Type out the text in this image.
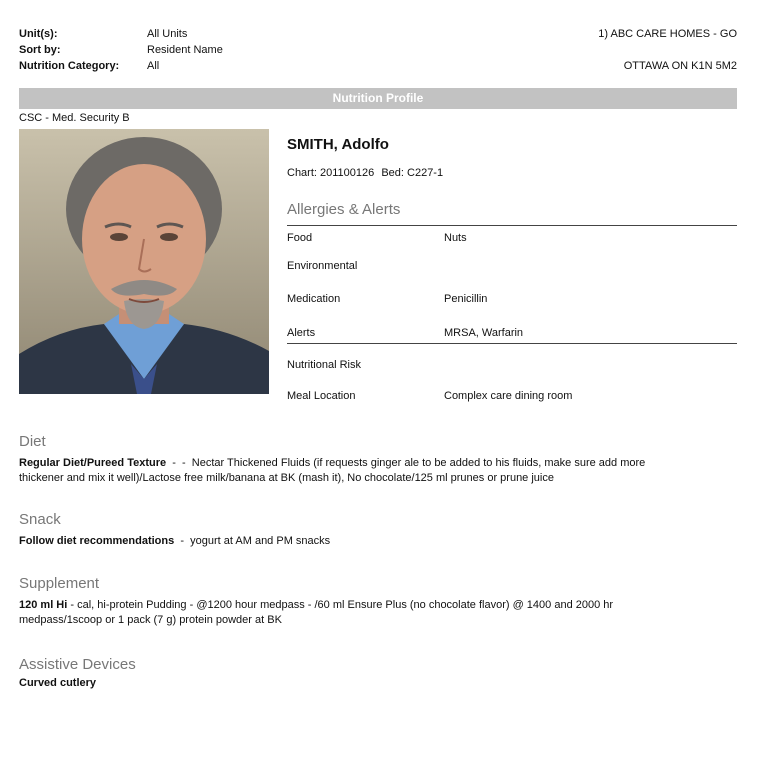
Unit(s):	All Units
Sort by:	Resident Name
Nutrition Category:	All
1) ABC CARE HOMES - GO
OTTAWA ON K1N 5M2
Nutrition Profile
CSC - Med. Security B
SMITH, Adolfo
Chart: 201100126 Bed: C227-1
Allergies & Alerts
Food	Nuts
Environmental
Medication	Penicillin
Alerts	MRSA, Warfarin
Nutritional Risk
Meal Location	Complex care dining room
Diet
Regular Diet/Pureed Texture  -  -  Nectar Thickened Fluids (if requests ginger ale to be added to his fluids, make sure add more thickener and mix it well)/Lactose free milk/banana at BK (mash it), No chocolate/125 ml prunes or prune juice
Snack
Follow diet recommendations  -  yogurt at AM and PM snacks
Supplement
120 ml Hi - cal, hi-protein Pudding - @1200 hour medpass - /60 ml Ensure Plus (no chocolate flavor) @ 1400 and 2000 hr medpass/1scoop or 1 pack (7 g) protein powder at BK
Assistive Devices
Curved cutlery
